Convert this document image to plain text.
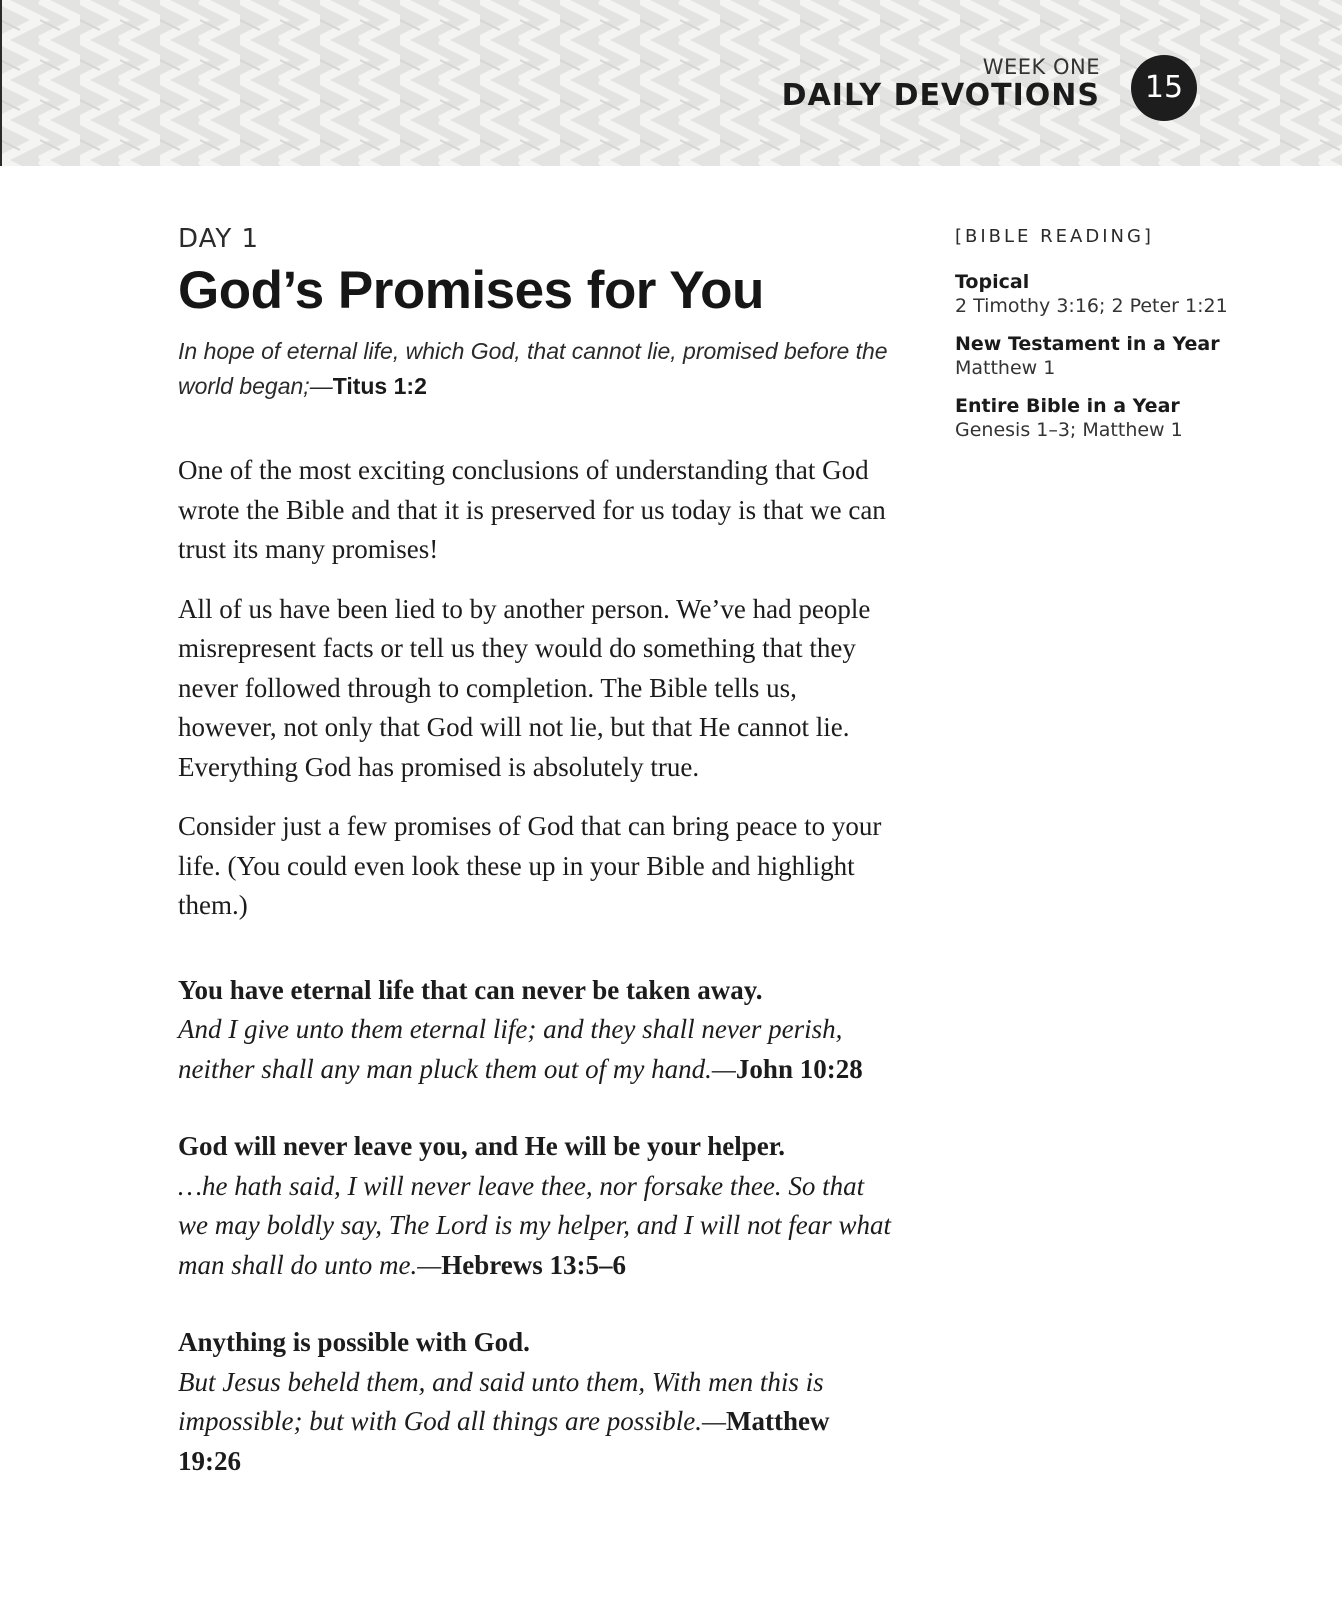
WEEK ONE
DAILY DEVOTIONS	15
DAY 1
God’s Promises for You
In hope of eternal life, which God, that cannot lie, promised before the world began;—Titus 1:2

One of the most exciting conclusions of understanding that God wrote the Bible and that it is preserved for us today is that we can trust its many promises!

All of us have been lied to by another person. We’ve had people misrepresent facts or tell us they would do something that they never followed through to completion. The Bible tells us, however, not only that God will not lie, but that He cannot lie. Everything God has promised is absolutely true.

Consider just a few promises of God that can bring peace to your life. (You could even look these up in your Bible and highlight them.)

You have eternal life that can never be taken away.
And I give unto them eternal life; and they shall never perish, neither shall any man pluck them out of my hand.—John 10:28
God will never leave you, and He will be your helper.
…he hath said, I will never leave thee, nor forsake thee. So that we may boldly say, The Lord is my helper, and I will not fear what man shall do unto me.—Hebrews 13:5–6
Anything is possible with God.
But Jesus beheld them, and said unto them, With men this is impossible; but with God all things are possible.—Matthew 19:26
[BIBLE READING]
Topical
2 Timothy 3:16; 2 Peter 1:21
New Testament in a Year
Matthew 1
Entire Bible in a Year
Genesis 1–3; Matthew 1
